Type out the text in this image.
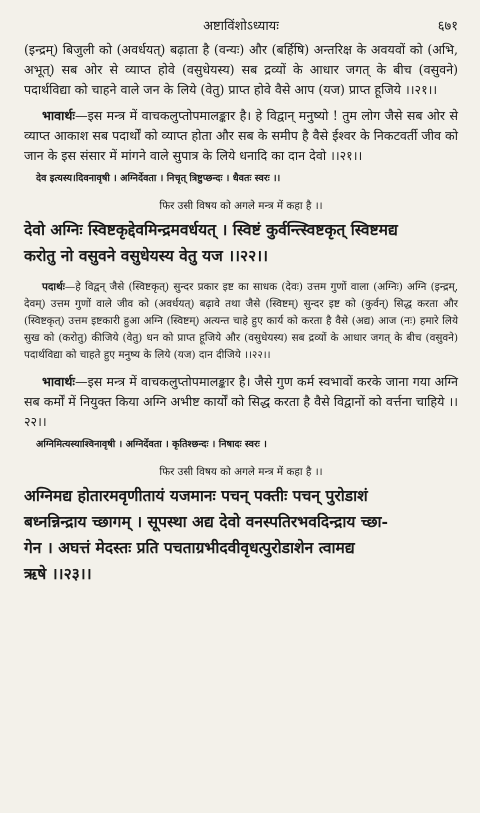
अष्टाविंशोऽध्यायः	६७१

(इन्द्रम्) बिजुली को (अवर्धयत्) बढ़ाता है (वन्यः) और (बर्हिषि) अन्तरिक्ष के अवयवों को (अभि, अभूत्) सब ओर से व्याप्त होवे (वसुधेयस्य) सब द्रव्यों के आधार जगत् के बीच (वसुवने) पदार्थविद्या को चाहने वाले जन के लिये (वेतु) प्राप्त होवे वैसे आप (यज) प्राप्त हूजिये ।।२१।।

भावार्थः—इस मन्त्र में वाचकलुप्तोपमालङ्कार है। हे विद्वान् मनुष्यो ! तुम लोग जैसे सब ओर से व्याप्त आकाश सब पदार्थों को व्याप्त होता और सब के समीप है वैसे ईश्वर के निकटवर्ती जीव को जान के इस संसार में मांगने वाले सुपात्र के लिये धनादि का दान देवो ।।२१।।

देव इत्यस्य।दिवनावृषी । अग्निर्देवता । निचृत् त्रिष्टुप्छन्दः । धैवतः स्वरः ।।

फिर उसी विषय को अगले मन्त्र में कहा है ।।

देवो अग्निः स्विष्टकृद्देवमिन्द्रमवर्धयत् । स्विष्टं कुर्वन्त्स्विष्टकृत् स्विष्टमद्य

करोतु नो वसुवने वसुधेयस्य वेतु यज ।।२२।।

पदार्थः—हे विद्वन् जैसे (स्विष्टकृत्) सुन्दर प्रकार इष्ट का साधक (देवः) उत्तम गुणों वाला (अग्निः) अग्नि (इन्द्रम्, देवम्) उत्तम गुणों वाले जीव को (अवर्धयत्) बढ़ावे तथा जैसे (स्विष्टम्) सुन्दर इष्ट को (कुर्वन्) सिद्ध करता और (स्विष्टकृत्) उत्तम इष्टकारी हुआ अग्नि (स्विष्टम्) अत्यन्त चाहे हुए कार्य को करता है वैसे (अद्य) आज (नः) हमारे लिये सुख को (करोतु) कीजिये (वेतु) धन को प्राप्त हूजिये और (वसुधेयस्य) सब द्रव्यों के आधार जगत् के बीच (वसुवने) पदार्थविद्या को चाहते हुए मनुष्य के लिये (यज) दान दीजिये ।।२२।।

भावार्थः—इस मन्त्र में वाचकलुप्तोपमालङ्कार है। जैसे गुण कर्म स्वभावों करके जाना गया अग्नि सब कर्मों में नियुक्त किया अग्नि अभीष्ट कार्यों को सिद्ध करता है वैसे विद्वानों को वर्त्तना चाहिये ।।२२।।

अग्निमित्यस्याश्विनावृषी । अग्निर्देवता । कृतिश्छन्दः । निषादः स्वरः ।

फिर उसी विषय को अगले मन्त्र में कहा है ।।

अग्निमद्य होतारमवृणीतायं यजमानः पचन् पक्तीः पचन् पुरोडाशं

बध्नन्निन्द्राय च्छागम् । सूपस्था अद्य देवो वनस्पतिरभवदिन्द्राय च्छा-

गेन । अघत्तं मेदस्तः प्रति पचताग्रभीदवीवृधत्पुरोडाशेन त्वामद्य

ऋषे ।।२३।।
